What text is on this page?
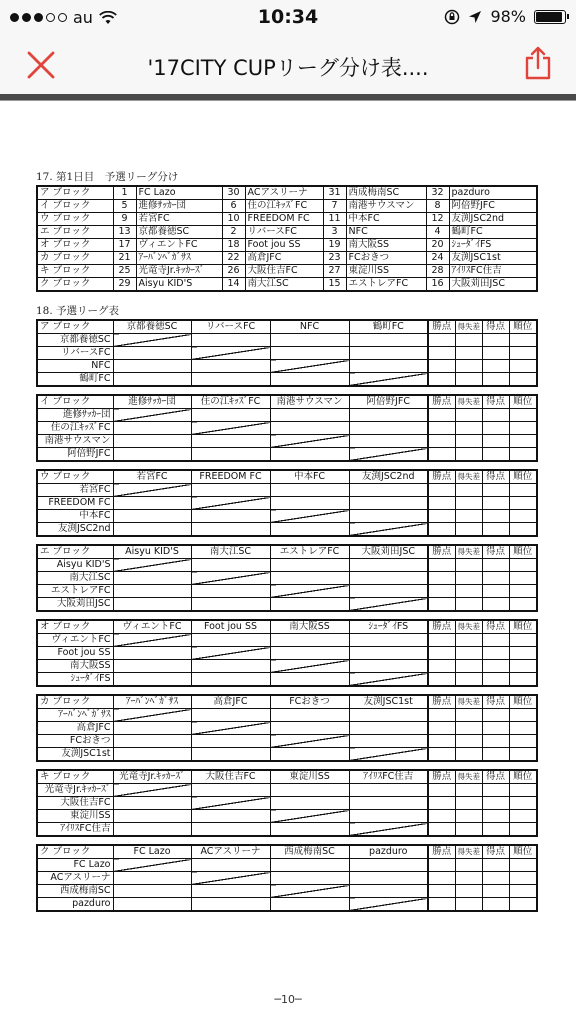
au	10:34	98%
'17CITY CUPリーグ分け表....
17. 第1日目　予選リーグ分け
ア ブロック	1	FC Lazo	30	ACアスリーナ	31	西成梅南SC	32	pazduro
イ ブロック	5	進修ｻｯｶｰ団	6	住の江ｷｯｽﾞFC	7	南港サウスマン	8	阿倍野JFC
ウ ブロック	9	若宮FC	10	FREEDOM FC	11	中本FC	12	友渕JSC2nd
エ ブロック	13	京都養徳SC	2	リバースFC	3	NFC	4	鶴町FC
オ ブロック	17	ヴィエントFC	18	Foot jou SS	19	南大阪SS	20	ｼｭｰﾀﾞｲFS
カ ブロック	21	ｱｰﾊﾞﾝﾍﾞｶﾞｻｽ	22	高倉JFC	23	FCおきつ	24	友渕JSC1st
キ ブロック	25	光竜寺Jr.ｷｯｶｰｽﾞ	26	大阪住吉FC	27	東淀川SS	28	ｱｲﾘｽFC住吉
ク ブロック	29	Aisyu KID'S	14	南大江SC	15	エストレアFC	16	大阪苅田JSC
18. 予選リーグ表
ア ブロック	京都養徳SC	リバースFC	NFC	鶴町FC	勝点	得失差	得点	順位
京都養徳SC								
リバースFC								
NFC								
鶴町FC								
イ ブロック	進修ｻｯｶｰ団	住の江ｷｯｽﾞFC	南港サウスマン	阿倍野JFC	勝点	得失差	得点	順位
進修ｻｯｶｰ団								
住の江ｷｯｽﾞFC								
南港サウスマン								
阿倍野JFC								
ウ ブロック	若宮FC	FREEDOM FC	中本FC	友渕JSC2nd	勝点	得失差	得点	順位
若宮FC								
FREEDOM FC								
中本FC								
友渕JSC2nd								
エ ブロック	Aisyu KID'S	南大江SC	エストレアFC	大阪苅田JSC	勝点	得失差	得点	順位
Aisyu KID'S								
南大江SC								
エストレアFC								
大阪苅田JSC								
オ ブロック	ヴィエントFC	Foot jou SS	南大阪SS	ｼｭｰﾀﾞｲFS	勝点	得失差	得点	順位
ヴィエントFC								
Foot jou SS								
南大阪SS								
ｼｭｰﾀﾞｲFS								
カ ブロック	ｱｰﾊﾞﾝﾍﾞｶﾞｻｽ	高倉JFC	FCおきつ	友渕JSC1st	勝点	得失差	得点	順位
ｱｰﾊﾞﾝﾍﾞｶﾞｻｽ								
高倉JFC								
FCおきつ								
友渕JSC1st								
キ ブロック	光竜寺Jr.ｷｯｶｰｽﾞ	大阪住吉FC	東淀川SS	ｱｲﾘｽFC住吉	勝点	得失差	得点	順位
光竜寺Jr.ｷｯｶｰｽﾞ								
大阪住吉FC								
東淀川SS								
ｱｲﾘｽFC住吉								
ク ブロック	FC Lazo	ACアスリーナ	西成梅南SC	pazduro	勝点	得失差	得点	順位
FC Lazo								
ACアスリーナ								
西成梅南SC								
pazduro								
─10─
